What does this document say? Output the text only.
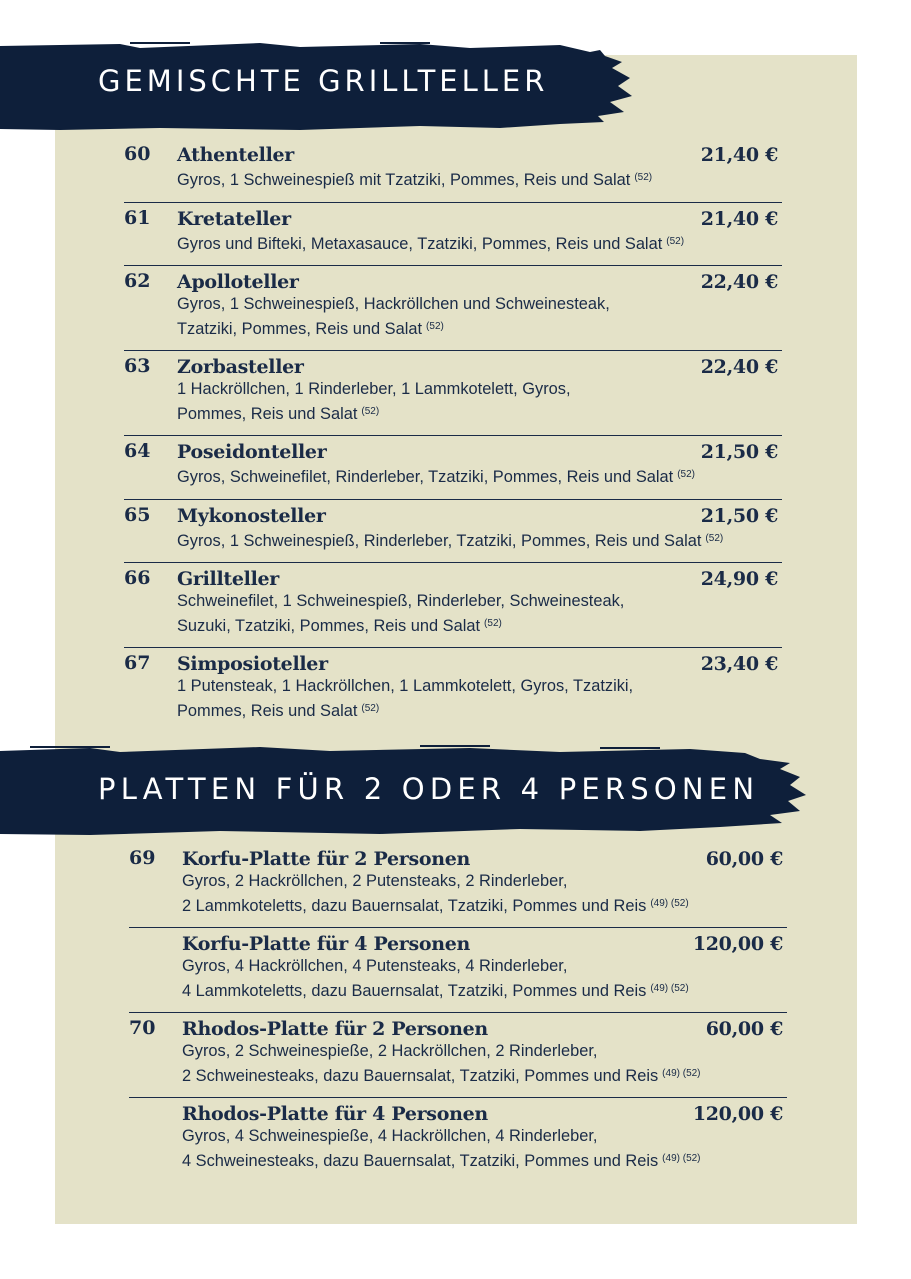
GEMISCHTE GRILLTELLER
60 Athenteller	21,40 €
Gyros, 1 Schweinespieß mit Tzatziki, Pommes, Reis und Salat $^{(52)}$
61 Kretateller	21,40 €
Gyros und Bifteki, Metaxasauce, Tzatziki, Pommes, Reis und Salat $^{(52)}$
62 Apolloteller	22,40 €
Gyros, 1 Schweinespieß, Hackröllchen und Schweinesteak,
Tzatziki, Pommes, Reis und Salat $^{(52)}$
63 Zorbasteller	22,40 €
1 Hackröllchen, 1 Rinderleber, 1 Lammkotelett, Gyros,
Pommes, Reis und Salat $^{(52)}$
64 Poseidonteller	21,50 €
Gyros, Schweinefilet, Rinderleber, Tzatziki, Pommes, Reis und Salat $^{(52)}$
65 Mykonosteller	21,50 €
Gyros, 1 Schweinespieß, Rinderleber, Tzatziki, Pommes, Reis und Salat $^{(52)}$
66 Grillteller	24,90 €
Schweinefilet, 1 Schweinespieß, Rinderleber, Schweinesteak,
Suzuki, Tzatziki, Pommes, Reis und Salat $^{(52)}$
67 Simposioteller	23,40 €
1 Putensteak, 1 Hackröllchen, 1 Lammkotelett, Gyros, Tzatziki,
Pommes, Reis und Salat $^{(52)}$
PLATTEN FÜR 2 ODER 4 PERSONEN
69 Korfu-Platte für 2 Personen	60,00 €
Gyros, 2 Hackröllchen, 2 Putensteaks, 2 Rinderleber,
2 Lammkoteletts, dazu Bauernsalat, Tzatziki, Pommes und Reis $^{(49) (52)}$
Korfu-Platte für 4 Personen	120,00 €
Gyros, 4 Hackröllchen, 4 Putensteaks, 4 Rinderleber,
4 Lammkoteletts, dazu Bauernsalat, Tzatziki, Pommes und Reis $^{(49) (52)}$
70 Rhodos-Platte für 2 Personen	60,00 €
Gyros, 2 Schweinespieße, 2 Hackröllchen, 2 Rinderleber,
2 Schweinesteaks, dazu Bauernsalat, Tzatziki, Pommes und Reis $^{(49) (52)}$
Rhodos-Platte für 4 Personen	120,00 €
Gyros, 4 Schweinespieße, 4 Hackröllchen, 4 Rinderleber,
4 Schweinesteaks, dazu Bauernsalat, Tzatziki, Pommes und Reis $^{(49) (52)}$
